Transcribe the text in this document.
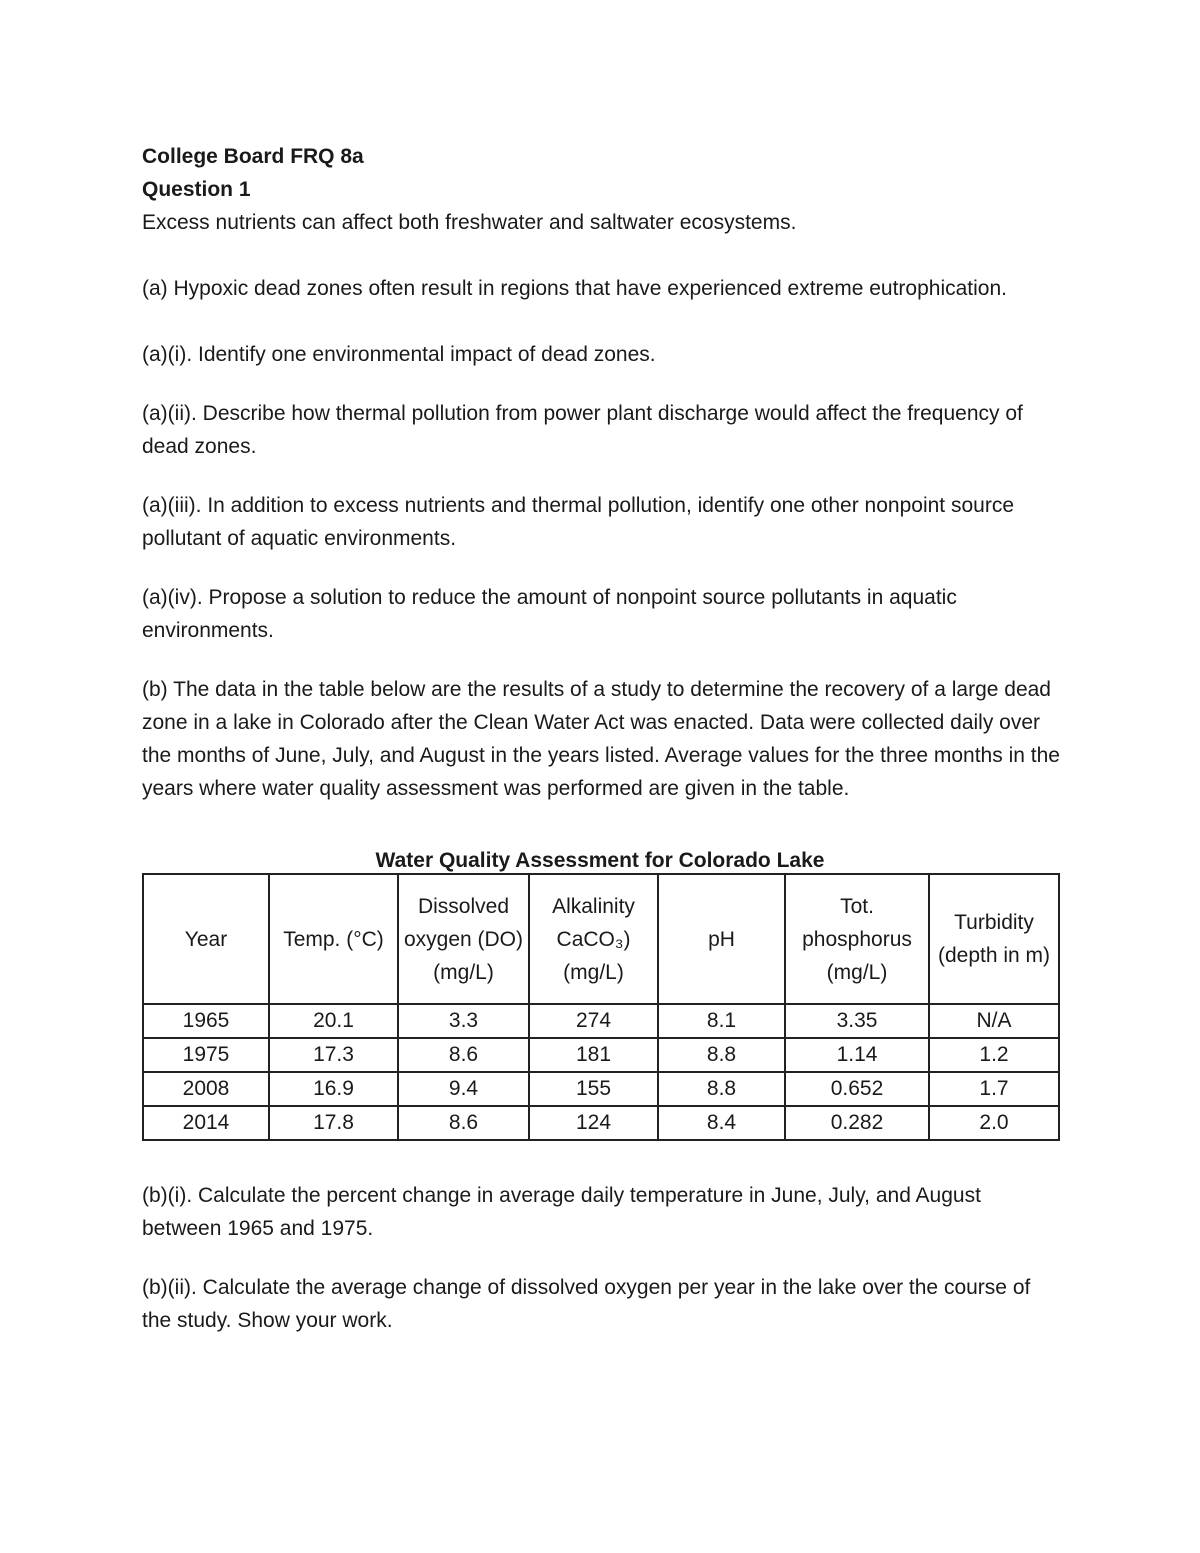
College Board FRQ 8a
Question 1

Excess nutrients can affect both freshwater and saltwater ecosystems.

(a) Hypoxic dead zones often result in regions that have experienced extreme eutrophication.

(a)(i). Identify one environmental impact of dead zones.

(a)(ii). Describe how thermal pollution from power plant discharge would affect the frequency of dead zones.

(a)(iii). In addition to excess nutrients and thermal pollution, identify one other nonpoint source pollutant of aquatic environments.

(a)(iv). Propose a solution to reduce the amount of nonpoint source pollutants in aquatic environments.

(b) The data in the table below are the results of a study to determine the recovery of a large dead zone in a lake in Colorado after the Clean Water Act was enacted. Data were collected daily over the months of June, July, and August in the years listed. Average values for the three months in the years where water quality assessment was performed are given in the table.

Water Quality Assessment for Colorado Lake

Year	Temp. (°C)	Dissolved oxygen (DO) (mg/L)	Alkalinity CaCO₃) (mg/L)	pH	Tot. phosphorus (mg/L)	Turbidity (depth in m)
1965	20.1	3.3	274	8.1	3.35	N/A
1975	17.3	8.6	181	8.8	1.14	1.2
2008	16.9	9.4	155	8.8	0.652	1.7
2014	17.8	8.6	124	8.4	0.282	2.0

(b)(i). Calculate the percent change in average daily temperature in June, July, and August between 1965 and 1975.

(b)(ii). Calculate the average change of dissolved oxygen per year in the lake over the course of the study. Show your work.
